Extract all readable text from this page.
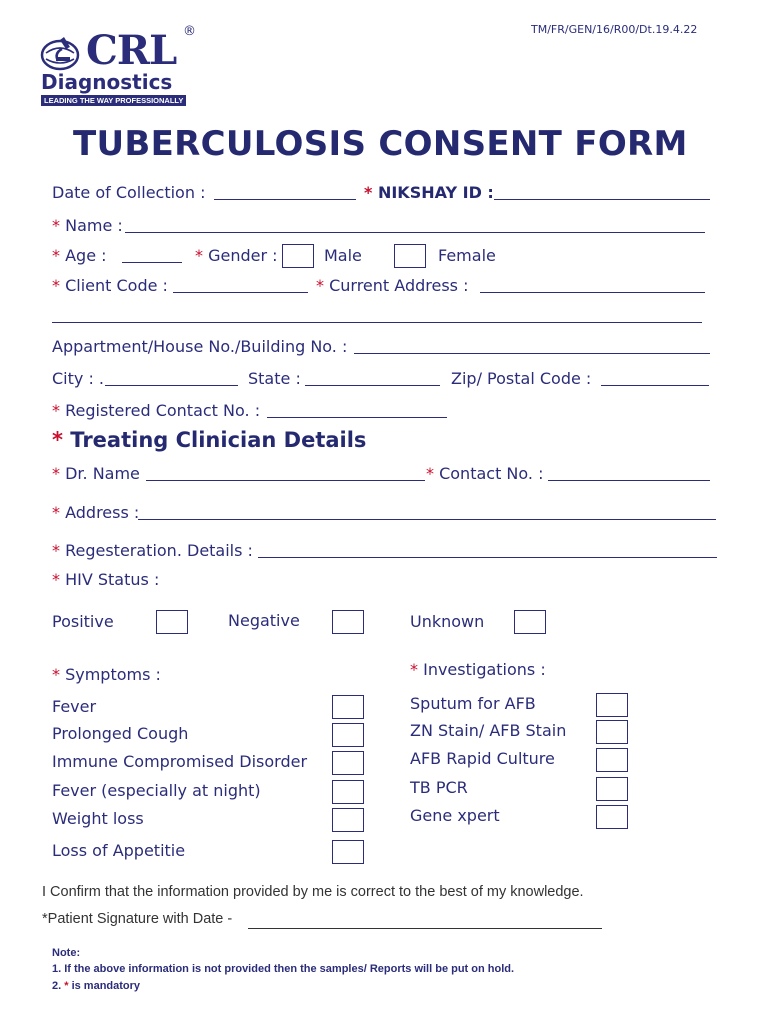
TM/FR/GEN/16/R00/Dt.19.4.22
CRL ®
Diagnostics
LEADING THE WAY PROFESSIONALLY
TUBERCULOSIS CONSENT FORM
Date of Collection :	* NIKSHAY ID :
* Name :
* Age :	* Gender :	Male	Female
* Client Code :	* Current Address :
Appartment/House No./Building No. :
City : .	State :	Zip/ Postal Code :
* Registered Contact No. :
* Treating Clinician Details
* Dr. Name	* Contact No. :
* Address :
* Regesteration. Details :
* HIV Status :
Positive	Negative	Unknown
* Symptoms :
Fever
Prolonged Cough
Immune Compromised Disorder
Fever (especially at night)
Weight loss
Loss of Appetitie
* Investigations :
Sputum for AFB
ZN Stain/ AFB Stain
AFB Rapid Culture
TB PCR
Gene xpert
I Confirm that the information provided by me is correct to the best of my knowledge.
*Patient Signature with Date -
Note:
1. If the above information is not provided then the samples/ Reports will be put on hold.
2. * is mandatory
